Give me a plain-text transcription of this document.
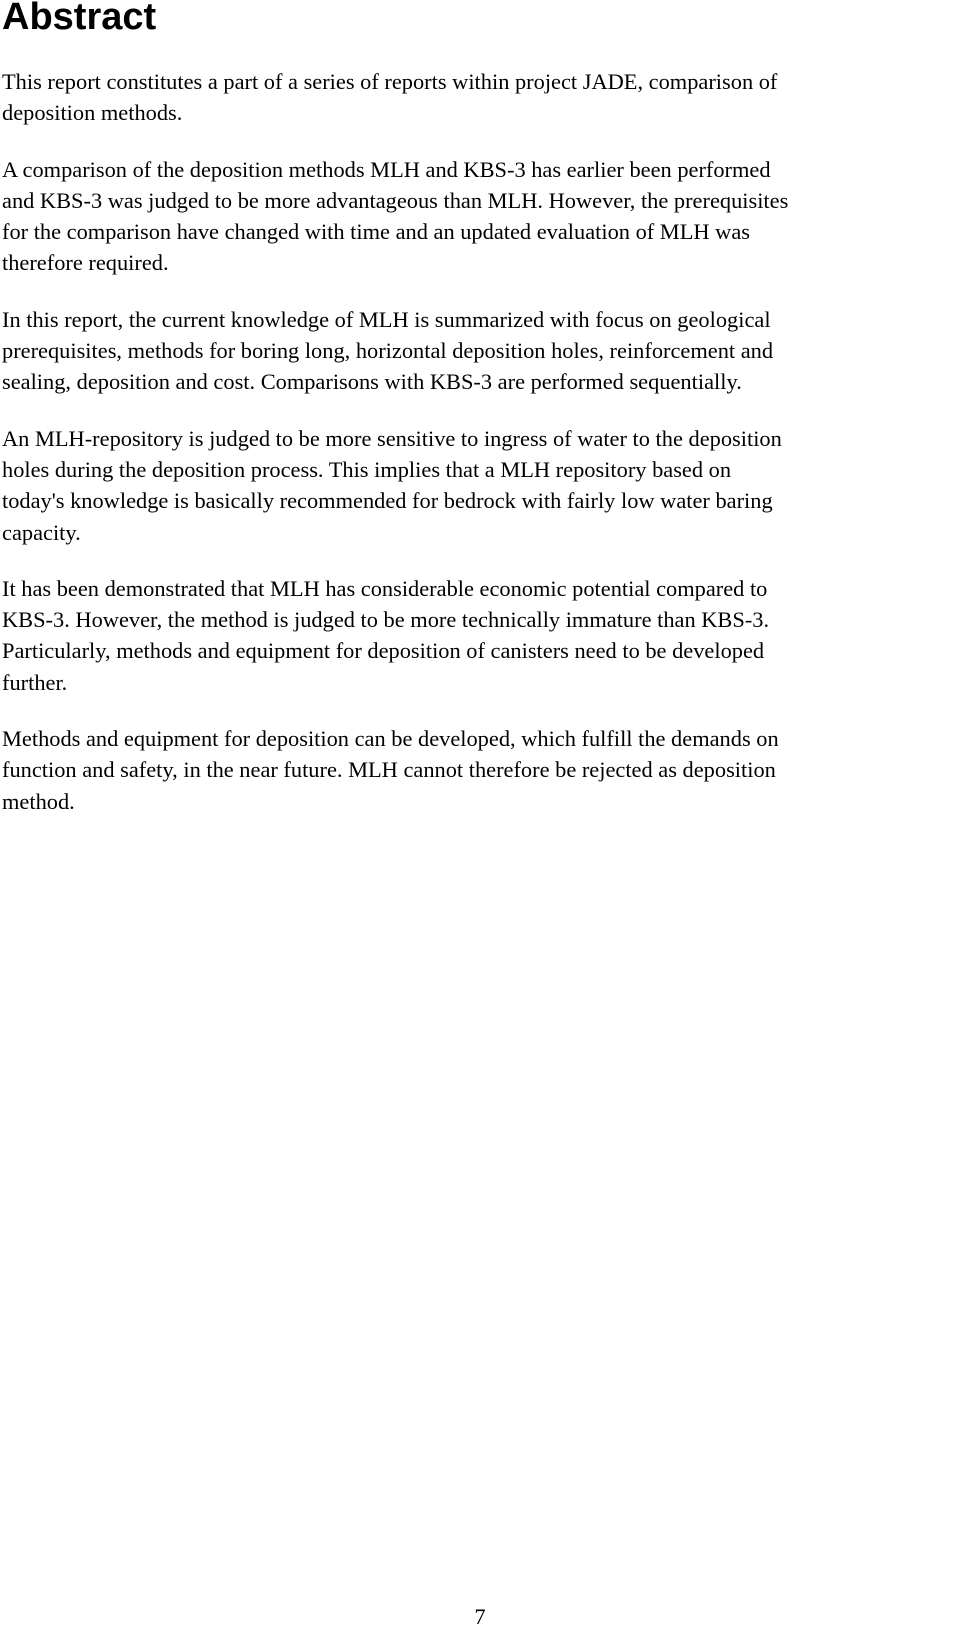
Abstract

This report constitutes a part of a series of reports within project JADE, comparison of
deposition methods.

A comparison of the deposition methods MLH and KBS-3 has earlier been performed
and KBS-3 was judged to be more advantageous than MLH. However, the prerequisites
for the comparison have changed with time and an updated evaluation of MLH was
therefore required.

In this report, the current knowledge of MLH is summarized with focus on geological
prerequisites, methods for boring long, horizontal deposition holes, reinforcement and
sealing, deposition and cost. Comparisons with KBS-3 are performed sequentially.

An MLH-repository is judged to be more sensitive to ingress of water to the deposition
holes during the deposition process. This implies that a MLH repository based on
today's knowledge is basically recommended for bedrock with fairly low water baring
capacity.

It has been demonstrated that MLH has considerable economic potential compared to
KBS-3. However, the method is judged to be more technically immature than KBS-3.
Particularly, methods and equipment for deposition of canisters need to be developed
further.

Methods and equipment for deposition can be developed, which fulfill the demands on
function and safety, in the near future. MLH cannot therefore be rejected as deposition
method.

7
